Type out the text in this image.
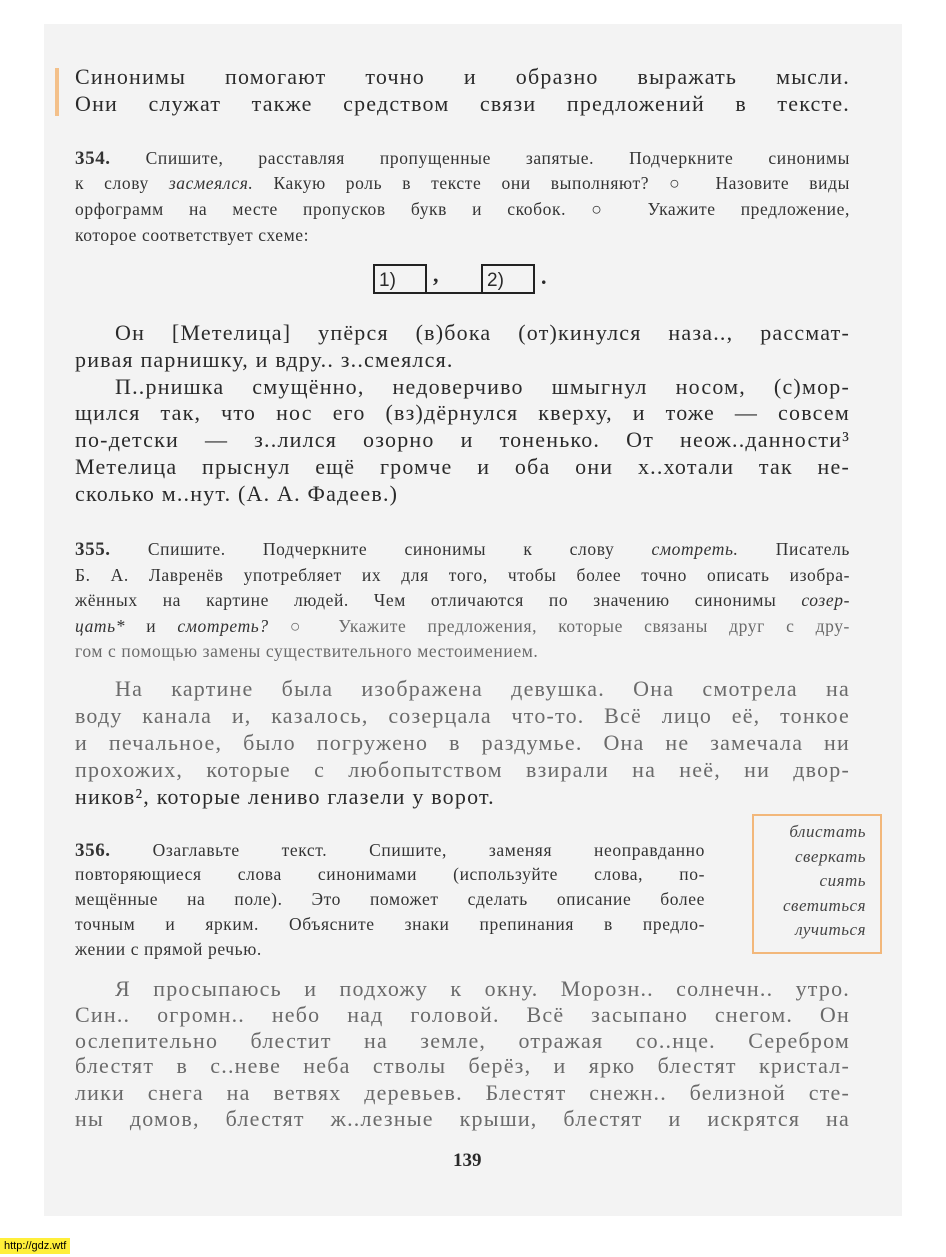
Синонимы помогают точно и образно выражать мысли.
Они служат также средством связи предложений в тексте.
354. Спишите, расставляя пропущенные запятые. Подчеркните синонимы
к слову засмеялся. Какую роль в тексте они выполняют? ○ Назовите виды
орфограмм на месте пропусков букв и скобок. ○ Укажите предложение,
которое соответствует схеме:
1)	,	2)	.
Он [Метелица] упёрся (в)бока (от)кинулся наза.., рассмат-
ривая парнишку, и вдру.. з..смеялся.
П..рнишка смущённо, недоверчиво шмыгнул носом, (с)мор-
щился так, что нос его (вз)дёрнулся кверху, и тоже — совсем
по-детски — з..лился озорно и тоненько. От неож..данности³
Метелица прыснул ещё громче и оба они х..хотали так не-
сколько м..нут. (А. А. Фадеев.)
355. Спишите. Подчеркните синонимы к слову смотреть. Писатель
Б. А. Лавренёв употребляет их для того, чтобы более точно описать изобра-
жённых на картине людей. Чем отличаются по значению синонимы созер-
цать* и смотреть? ○ Укажите предложения, которые связаны друг с дру-
гом с помощью замены существительного местоимением.
На картине была изображена девушка. Она смотрела на
воду канала и, казалось, созерцала что-то. Всё лицо её, тонкое
и печальное, было погружено в раздумье. Она не замечала ни
прохожих, которые с любопытством взирали на неё, ни двор-
ников², которые лениво глазели у ворот.
356. Озаглавьте текст. Спишите, заменяя неоправданно
повторяющиеся слова синонимами (используйте слова, по-
мещённые на поле). Это поможет сделать описание более
точным и ярким. Объясните знаки препинания в предло-
жении с прямой речью.
блистать
сверкать
сиять
светиться
лучиться
Я просыпаюсь и подхожу к окну. Морозн.. солнечн.. утро.
Син.. огромн.. небо над головой. Всё засыпано снегом. Он
ослепительно блестит на земле, отражая со..нце. Серебром
блестят в с..неве неба стволы берёз, и ярко блестят кристал-
лики снега на ветвях деревьев. Блестят снежн.. белизной сте-
ны домов, блестят ж..лезные крыши, блестят и искрятся на
139
http://gdz.wtf
